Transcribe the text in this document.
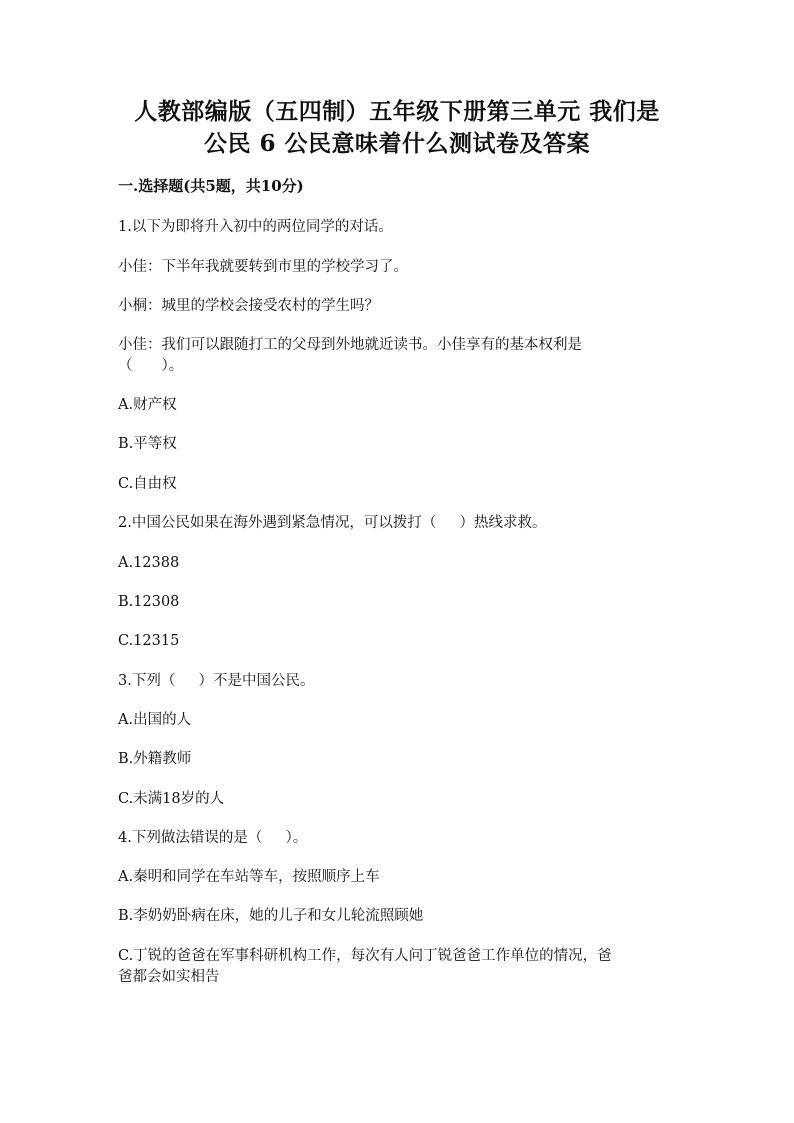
人教部编版（五四制）五年级下册第三单元 我们是
公民 6 公民意味着什么测试卷及答案
一.选择题(共5题，共10分)
1.以下为即将升入初中的两位同学的对话。
小佳：下半年我就要转到市里的学校学习了。
小桐：城里的学校会接受农村的学生吗？
小佳：我们可以跟随打工的父母到外地就近读书。小佳享有的基本权利是
（　　）。
A.财产权
B.平等权
C.自由权
2.中国公民如果在海外遇到紧急情况，可以拨打（ ）热线求救。
A.12388
B.12308
C.12315
3.下列（ ）不是中国公民。
A.出国的人
B.外籍教师
C.未满18岁的人
4.下列做法错误的是（ ）。
A.秦明和同学在车站等车，按照顺序上车
B.李奶奶卧病在床，她的儿子和女儿轮流照顾她
C.丁锐的爸爸在军事科研机构工作，每次有人问丁锐爸爸工作单位的情况，爸
爸都会如实相告
